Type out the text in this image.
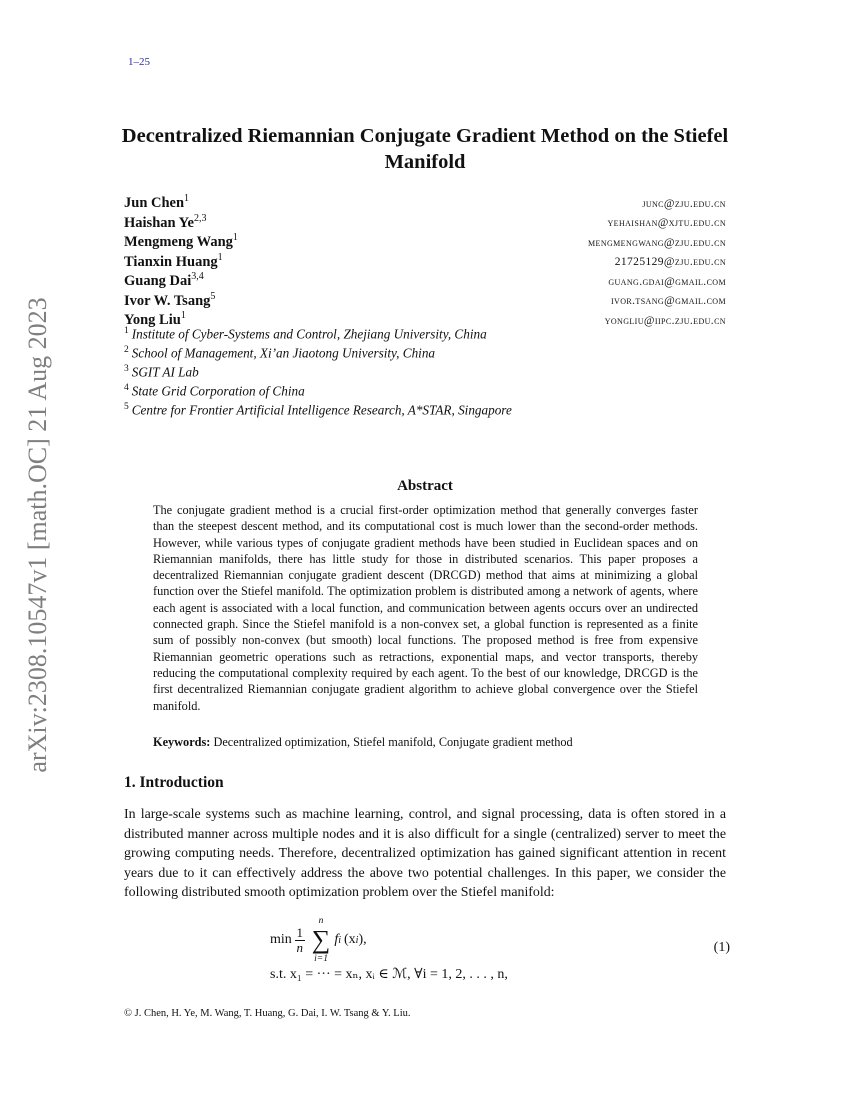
1–25
arXiv:2308.10547v1 [math.OC] 21 Aug 2023
Decentralized Riemannian Conjugate Gradient Method on the Stiefel Manifold
Jun Chen$^1$	junc@zju.edu.cn
Haishan Ye$^{2,3}$	yehaishan@xjtu.edu.cn
Mengmeng Wang$^1$	mengmengwang@zju.edu.cn
Tianxin Huang$^1$	21725129@zju.edu.cn
Guang Dai$^{3,4}$	guang.gdai@gmail.com
Ivor W. Tsang$^5$	ivor.tsang@gmail.com
Yong Liu$^1$	yongliu@iipc.zju.edu.cn
$^1$ Institute of Cyber-Systems and Control, Zhejiang University, China
$^2$ School of Management, Xi’an Jiaotong University, China
$^3$ SGIT AI Lab
$^4$ State Grid Corporation of China
$^5$ Centre for Frontier Artificial Intelligence Research, A*STAR, Singapore
Abstract
The conjugate gradient method is a crucial first-order optimization method that generally converges faster than the steepest descent method, and its computational cost is much lower than the second-order methods. However, while various types of conjugate gradient methods have been studied in Euclidean spaces and on Riemannian manifolds, there has little study for those in distributed scenarios. This paper proposes a decentralized Riemannian conjugate gradient descent (DRCGD) method that aims at minimizing a global function over the Stiefel manifold. The optimization problem is distributed among a network of agents, where each agent is associated with a local function, and communication between agents occurs over an undirected connected graph. Since the Stiefel manifold is a non-convex set, a global function is represented as a finite sum of possibly non-convex (but smooth) local functions. The proposed method is free from expensive Riemannian geometric operations such as retractions, exponential maps, and vector transports, thereby reducing the computational complexity required by each agent. To the best of our knowledge, DRCGD is the first decentralized Riemannian conjugate gradient algorithm to achieve global convergence over the Stiefel manifold.
Keywords: Decentralized optimization, Stiefel manifold, Conjugate gradient method
1. Introduction
In large-scale systems such as machine learning, control, and signal processing, data is often stored in a distributed manner across multiple nodes and it is also difficult for a single (centralized) server to meet the growing computing needs. Therefore, decentralized optimization has gained significant attention in recent years due to it can effectively address the above two potential challenges. In this paper, we consider the following distributed smooth optimization problem over the Stiefel manifold:
$\min \frac{1}{n}$
n
∑
i=1
f i (x i ),
s.t. x₁ = ··· = xₙ, xᵢ ∈ ℳ, ∀i = 1, 2, . . . , n,
(1)
© J. Chen, H. Ye, M. Wang, T. Huang, G. Dai, I. W. Tsang & Y. Liu.
